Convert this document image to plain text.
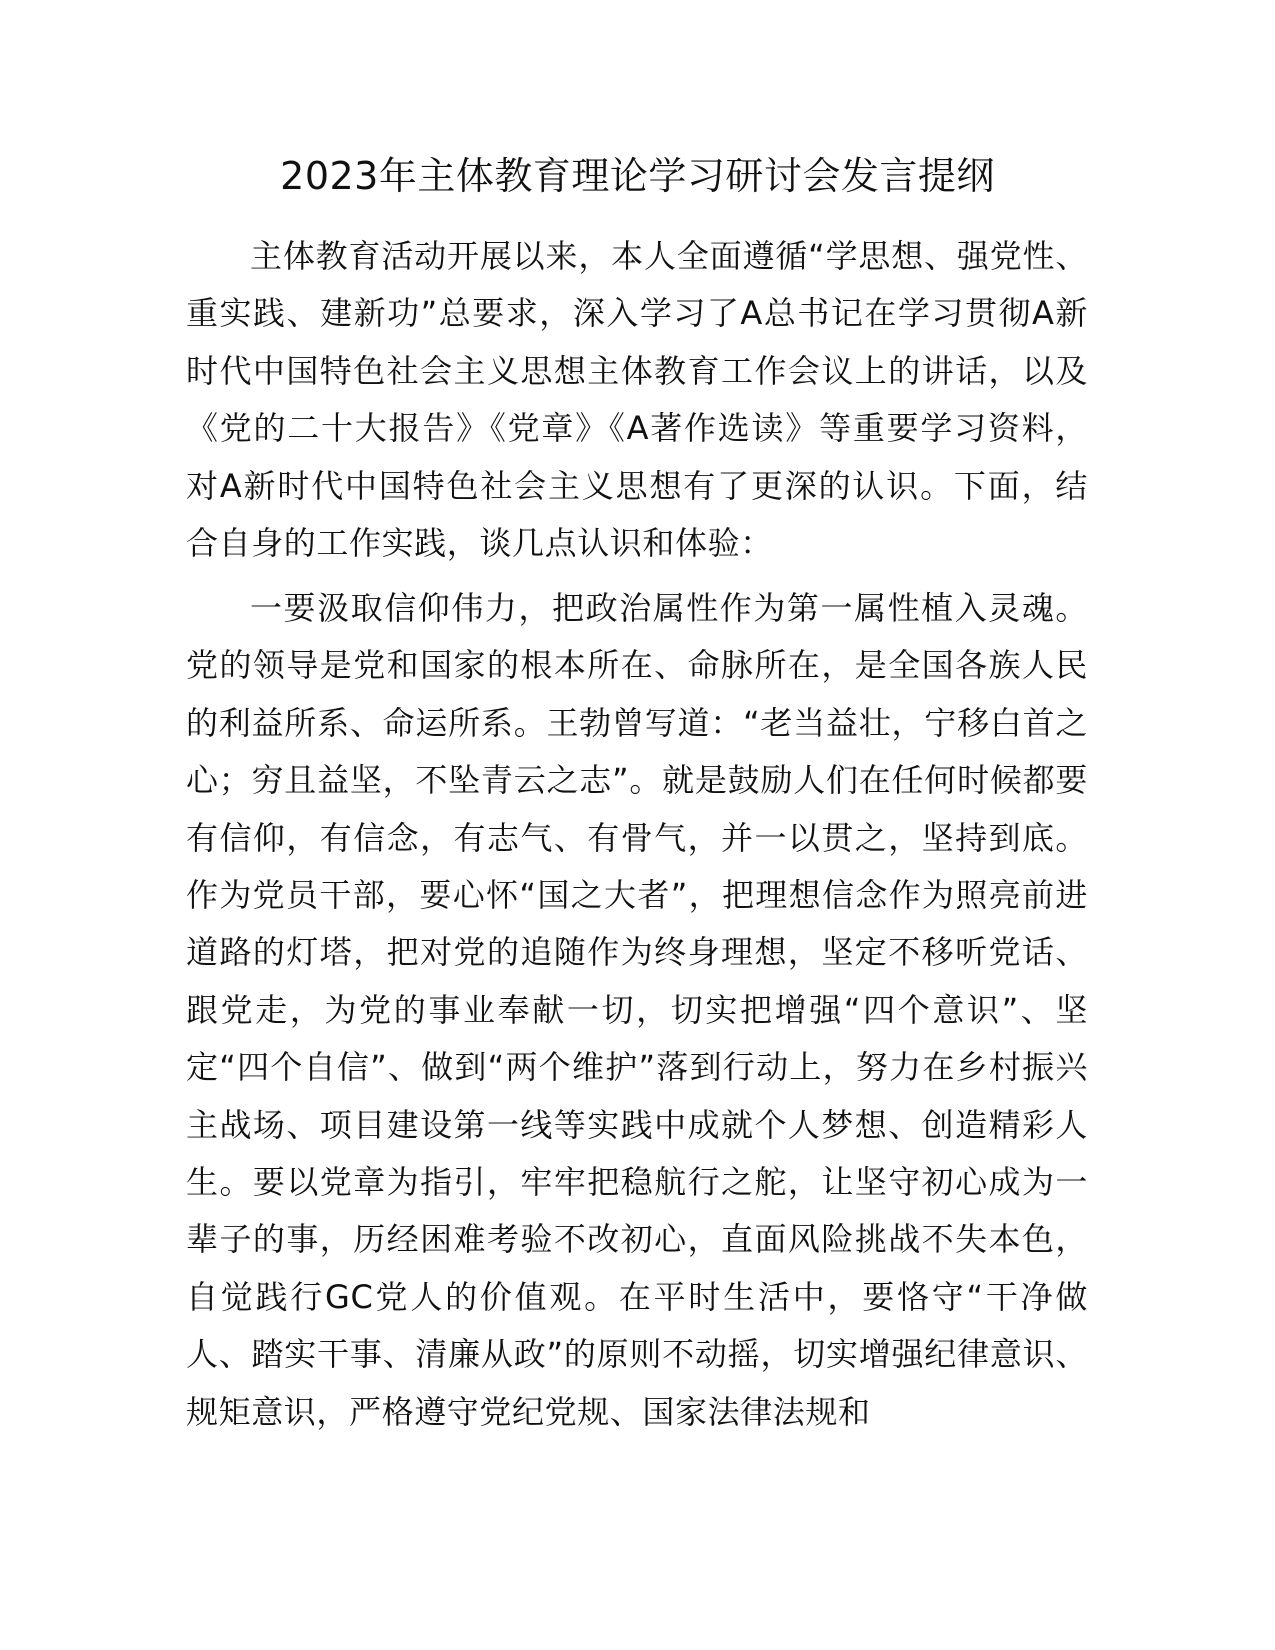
2023年主体教育理论学习研讨会发言提纲

主体教育活动开展以来，本人全面遵循“学思想、强党性、重实践、建新功”总要求，深入学习了A总书记在学习贯彻A新时代中国特色社会主义思想主体教育工作会议上的讲话，以及《党的二十大报告》《党章》《A著作选读》等重要学习资料，对A新时代中国特色社会主义思想有了更深的认识。下面，结合自身的工作实践，谈几点认识和体验：

一要汲取信仰伟力，把政治属性作为第一属性植入灵魂。党的领导是党和国家的根本所在、命脉所在，是全国各族人民的利益所系、命运所系。王勃曾写道：“老当益壮，宁移白首之心；穷且益坚，不坠青云之志”。就是鼓励人们在任何时候都要有信仰，有信念，有志气、有骨气，并一以贯之，坚持到底。作为党员干部，要心怀“国之大者”，把理想信念作为照亮前进道路的灯塔，把对党的追随作为终身理想，坚定不移听党话、跟党走，为党的事业奉献一切，切实把增强“四个意识”、坚定“四个自信”、做到“两个维护”落到行动上，努力在乡村振兴主战场、项目建设第一线等实践中成就个人梦想、创造精彩人生。要以党章为指引，牢牢把稳航行之舵，让坚守初心成为一辈子的事，历经困难考验不改初心，直面风险挑战不失本色，自觉践行GC党人的价值观。在平时生活中，要恪守“干净做人、踏实干事、清廉从政”的原则不动摇，切实增强纪律意识、规矩意识，严格遵守党纪党规、国家法律法规和
